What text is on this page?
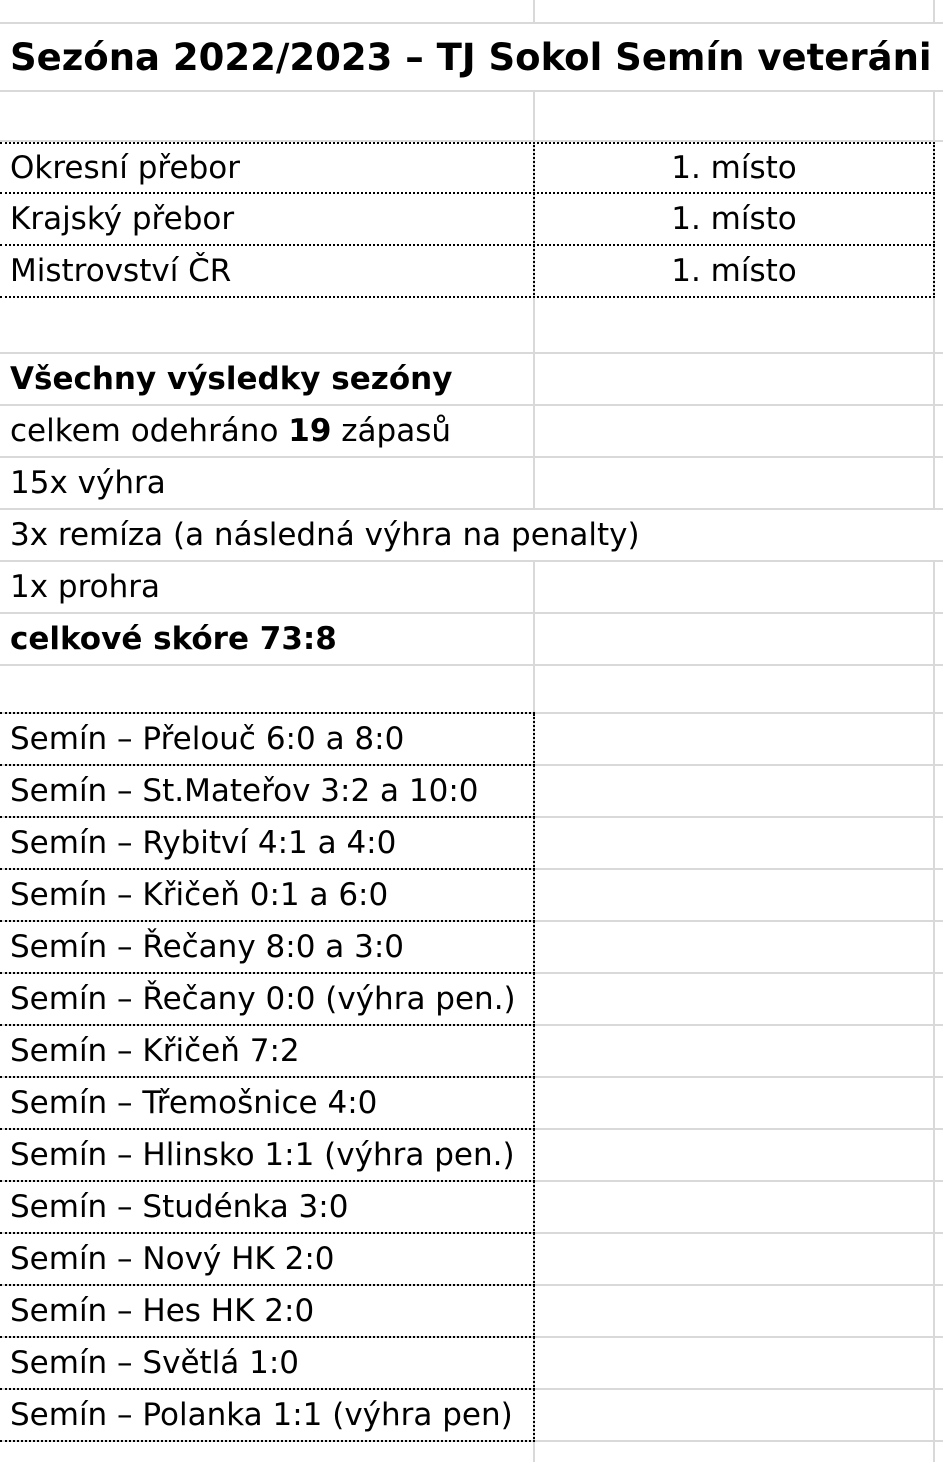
Sezóna 2022/2023 – TJ Sokol Semín veteráni
Okresní přebor	1. místo
Krajský přebor	1. místo
Mistrovství ČR	1. místo
Všechny výsledky sezóny
celkem odehráno 19 zápasů
15x výhra
3x remíza (a následná výhra na penalty)
1x prohra
celkové skóre 73:8
Semín – Přelouč 6:0 a 8:0
Semín – St.Mateřov 3:2 a 10:0
Semín – Rybitví 4:1 a 4:0
Semín – Křičeň 0:1 a 6:0
Semín – Řečany 8:0 a 3:0
Semín – Řečany 0:0 (výhra pen.)
Semín – Křičeň 7:2
Semín – Třemošnice 4:0
Semín – Hlinsko 1:1 (výhra pen.)
Semín – Studénka 3:0
Semín – Nový HK 2:0
Semín – Hes HK 2:0
Semín – Světlá 1:0
Semín – Polanka 1:1 (výhra pen)
